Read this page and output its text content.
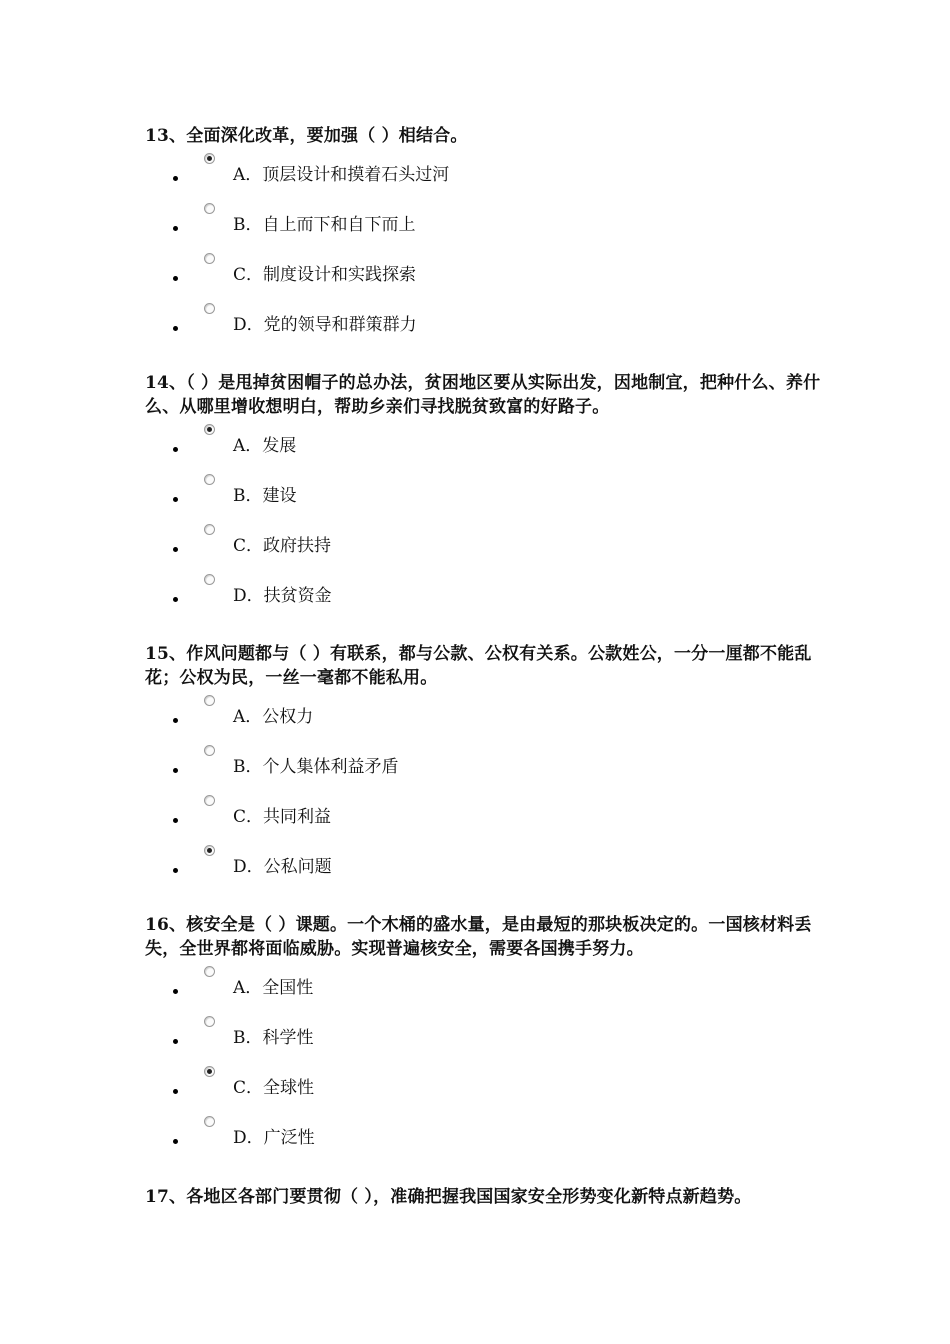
13、全面深化改革，要加强（ ）相结合。

A．顶层设计和摸着石头过河
B．自上而下和自下而上
C．制度设计和实践探索
D．党的领导和群策群力

14、（ ）是甩掉贫困帽子的总办法，贫困地区要从实际出发，因地制宜，把种什么、养什么、从哪里增收想明白，帮助乡亲们寻找脱贫致富的好路子。

A．发展
B．建设
C．政府扶持
D．扶贫资金

15、作风问题都与（ ）有联系，都与公款、公权有关系。公款姓公，一分一厘都不能乱花；公权为民，一丝一毫都不能私用。

A．公权力
B．个人集体利益矛盾
C．共同利益
D．公私问题

16、核安全是（ ）课题。一个木桶的盛水量，是由最短的那块板决定的。一国核材料丢失，全世界都将面临威胁。实现普遍核安全，需要各国携手努力。

A．全国性
B．科学性
C．全球性
D．广泛性

17、各地区各部门要贯彻（ ），准确把握我国国家安全形势变化新特点新趋势。
